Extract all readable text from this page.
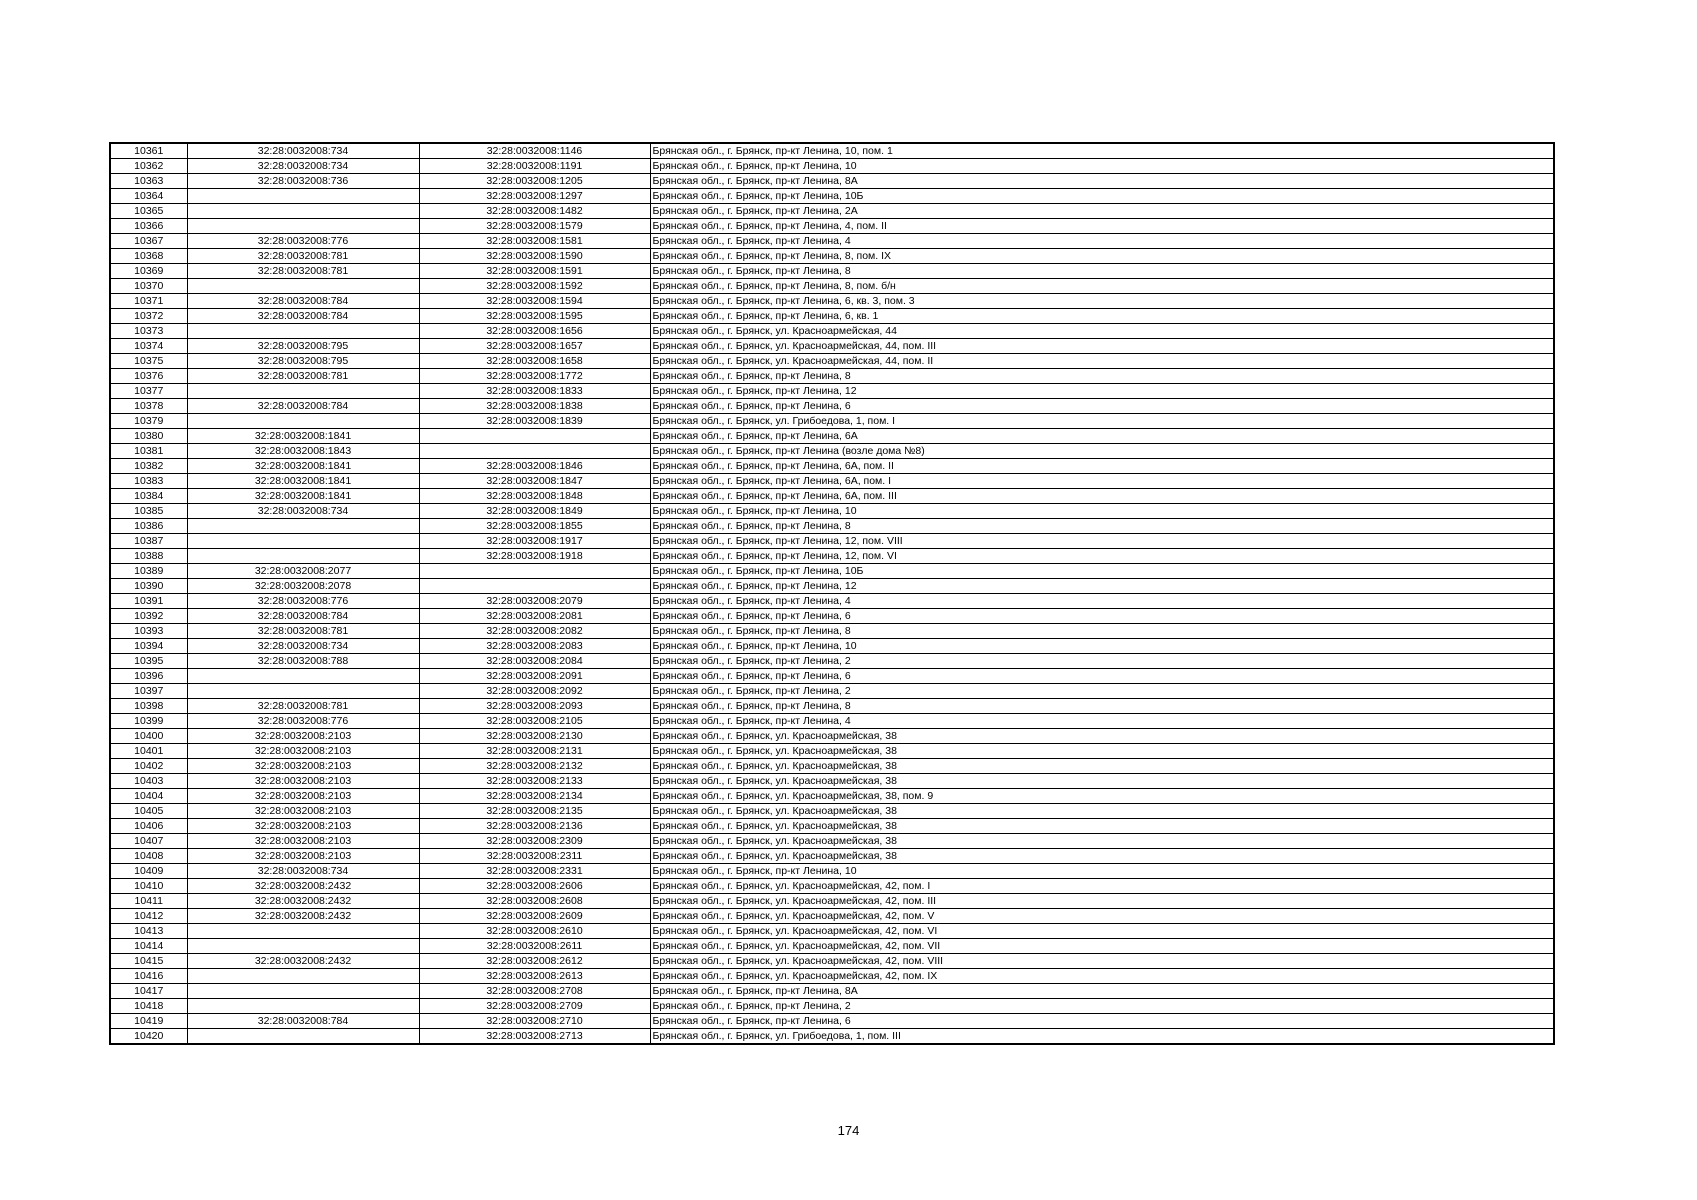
10361	32:28:0032008:734	32:28:0032008:1146	Брянская обл., г. Брянск, пр-кт Ленина, 10, пом. 1
10362	32:28:0032008:734	32:28:0032008:1191	Брянская обл., г. Брянск, пр-кт Ленина, 10
10363	32:28:0032008:736	32:28:0032008:1205	Брянская обл., г. Брянск, пр-кт Ленина, 8А
10364		32:28:0032008:1297	Брянская обл., г. Брянск, пр-кт Ленина, 10Б
10365		32:28:0032008:1482	Брянская обл., г. Брянск, пр-кт Ленина, 2А
10366		32:28:0032008:1579	Брянская обл., г. Брянск, пр-кт Ленина, 4, пом. II
10367	32:28:0032008:776	32:28:0032008:1581	Брянская обл., г. Брянск, пр-кт Ленина, 4
10368	32:28:0032008:781	32:28:0032008:1590	Брянская обл., г. Брянск, пр-кт Ленина, 8, пом. IX
10369	32:28:0032008:781	32:28:0032008:1591	Брянская обл., г. Брянск, пр-кт Ленина, 8
10370		32:28:0032008:1592	Брянская обл., г. Брянск, пр-кт Ленина, 8, пом. б/н
10371	32:28:0032008:784	32:28:0032008:1594	Брянская обл., г. Брянск, пр-кт Ленина, 6, кв. 3, пом. 3
10372	32:28:0032008:784	32:28:0032008:1595	Брянская обл., г. Брянск, пр-кт Ленина, 6, кв. 1
10373		32:28:0032008:1656	Брянская обл., г. Брянск, ул. Красноармейская, 44
10374	32:28:0032008:795	32:28:0032008:1657	Брянская обл., г. Брянск, ул. Красноармейская, 44, пом. III
10375	32:28:0032008:795	32:28:0032008:1658	Брянская обл., г. Брянск, ул. Красноармейская, 44, пом. II
10376	32:28:0032008:781	32:28:0032008:1772	Брянская обл., г. Брянск, пр-кт Ленина, 8
10377		32:28:0032008:1833	Брянская обл., г. Брянск, пр-кт Ленина, 12
10378	32:28:0032008:784	32:28:0032008:1838	Брянская обл., г. Брянск, пр-кт Ленина, 6
10379		32:28:0032008:1839	Брянская обл., г. Брянск, ул. Грибоедова, 1, пом. I
10380	32:28:0032008:1841		Брянская обл., г. Брянск, пр-кт Ленина, 6А
10381	32:28:0032008:1843		Брянская обл., г. Брянск, пр-кт Ленина (возле дома №8)
10382	32:28:0032008:1841	32:28:0032008:1846	Брянская обл., г. Брянск, пр-кт Ленина, 6А, пом. II
10383	32:28:0032008:1841	32:28:0032008:1847	Брянская обл., г. Брянск, пр-кт Ленина, 6А, пом. I
10384	32:28:0032008:1841	32:28:0032008:1848	Брянская обл., г. Брянск, пр-кт Ленина, 6А, пом. III
10385	32:28:0032008:734	32:28:0032008:1849	Брянская обл., г. Брянск, пр-кт Ленина, 10
10386		32:28:0032008:1855	Брянская обл., г. Брянск, пр-кт Ленина, 8
10387		32:28:0032008:1917	Брянская обл., г. Брянск, пр-кт Ленина, 12, пом. VIII
10388		32:28:0032008:1918	Брянская обл., г. Брянск, пр-кт Ленина, 12, пом. VI
10389	32:28:0032008:2077		Брянская обл., г. Брянск, пр-кт Ленина, 10Б
10390	32:28:0032008:2078		Брянская обл., г. Брянск, пр-кт Ленина, 12
10391	32:28:0032008:776	32:28:0032008:2079	Брянская обл., г. Брянск, пр-кт Ленина, 4
10392	32:28:0032008:784	32:28:0032008:2081	Брянская обл., г. Брянск, пр-кт Ленина, 6
10393	32:28:0032008:781	32:28:0032008:2082	Брянская обл., г. Брянск, пр-кт Ленина, 8
10394	32:28:0032008:734	32:28:0032008:2083	Брянская обл., г. Брянск, пр-кт Ленина, 10
10395	32:28:0032008:788	32:28:0032008:2084	Брянская обл., г. Брянск, пр-кт Ленина, 2
10396		32:28:0032008:2091	Брянская обл., г. Брянск, пр-кт Ленина, 6
10397		32:28:0032008:2092	Брянская обл., г. Брянск, пр-кт Ленина, 2
10398	32:28:0032008:781	32:28:0032008:2093	Брянская обл., г. Брянск, пр-кт Ленина, 8
10399	32:28:0032008:776	32:28:0032008:2105	Брянская обл., г. Брянск, пр-кт Ленина, 4
10400	32:28:0032008:2103	32:28:0032008:2130	Брянская обл., г. Брянск, ул. Красноармейская, 38
10401	32:28:0032008:2103	32:28:0032008:2131	Брянская обл., г. Брянск, ул. Красноармейская, 38
10402	32:28:0032008:2103	32:28:0032008:2132	Брянская обл., г. Брянск, ул. Красноармейская, 38
10403	32:28:0032008:2103	32:28:0032008:2133	Брянская обл., г. Брянск, ул. Красноармейская, 38
10404	32:28:0032008:2103	32:28:0032008:2134	Брянская обл., г. Брянск, ул. Красноармейская, 38, пом. 9
10405	32:28:0032008:2103	32:28:0032008:2135	Брянская обл., г. Брянск, ул. Красноармейская, 38
10406	32:28:0032008:2103	32:28:0032008:2136	Брянская обл., г. Брянск, ул. Красноармейская, 38
10407	32:28:0032008:2103	32:28:0032008:2309	Брянская обл., г. Брянск, ул. Красноармейская, 38
10408	32:28:0032008:2103	32:28:0032008:2311	Брянская обл., г. Брянск, ул. Красноармейская, 38
10409	32:28:0032008:734	32:28:0032008:2331	Брянская обл., г. Брянск, пр-кт Ленина, 10
10410	32:28:0032008:2432	32:28:0032008:2606	Брянская обл., г. Брянск, ул. Красноармейская, 42, пом. I
10411	32:28:0032008:2432	32:28:0032008:2608	Брянская обл., г. Брянск, ул. Красноармейская, 42, пом. III
10412	32:28:0032008:2432	32:28:0032008:2609	Брянская обл., г. Брянск, ул. Красноармейская, 42, пом. V
10413		32:28:0032008:2610	Брянская обл., г. Брянск, ул. Красноармейская, 42, пом. VI
10414		32:28:0032008:2611	Брянская обл., г. Брянск, ул. Красноармейская, 42, пом. VII
10415	32:28:0032008:2432	32:28:0032008:2612	Брянская обл., г. Брянск, ул. Красноармейская, 42, пом. VIII
10416		32:28:0032008:2613	Брянская обл., г. Брянск, ул. Красноармейская, 42, пом. IX
10417		32:28:0032008:2708	Брянская обл., г. Брянск, пр-кт Ленина, 8А
10418		32:28:0032008:2709	Брянская обл., г. Брянск, пр-кт Ленина, 2
10419	32:28:0032008:784	32:28:0032008:2710	Брянская обл., г. Брянск, пр-кт Ленина, 6
10420		32:28:0032008:2713	Брянская обл., г. Брянск, ул. Грибоедова, 1, пом. III
174
